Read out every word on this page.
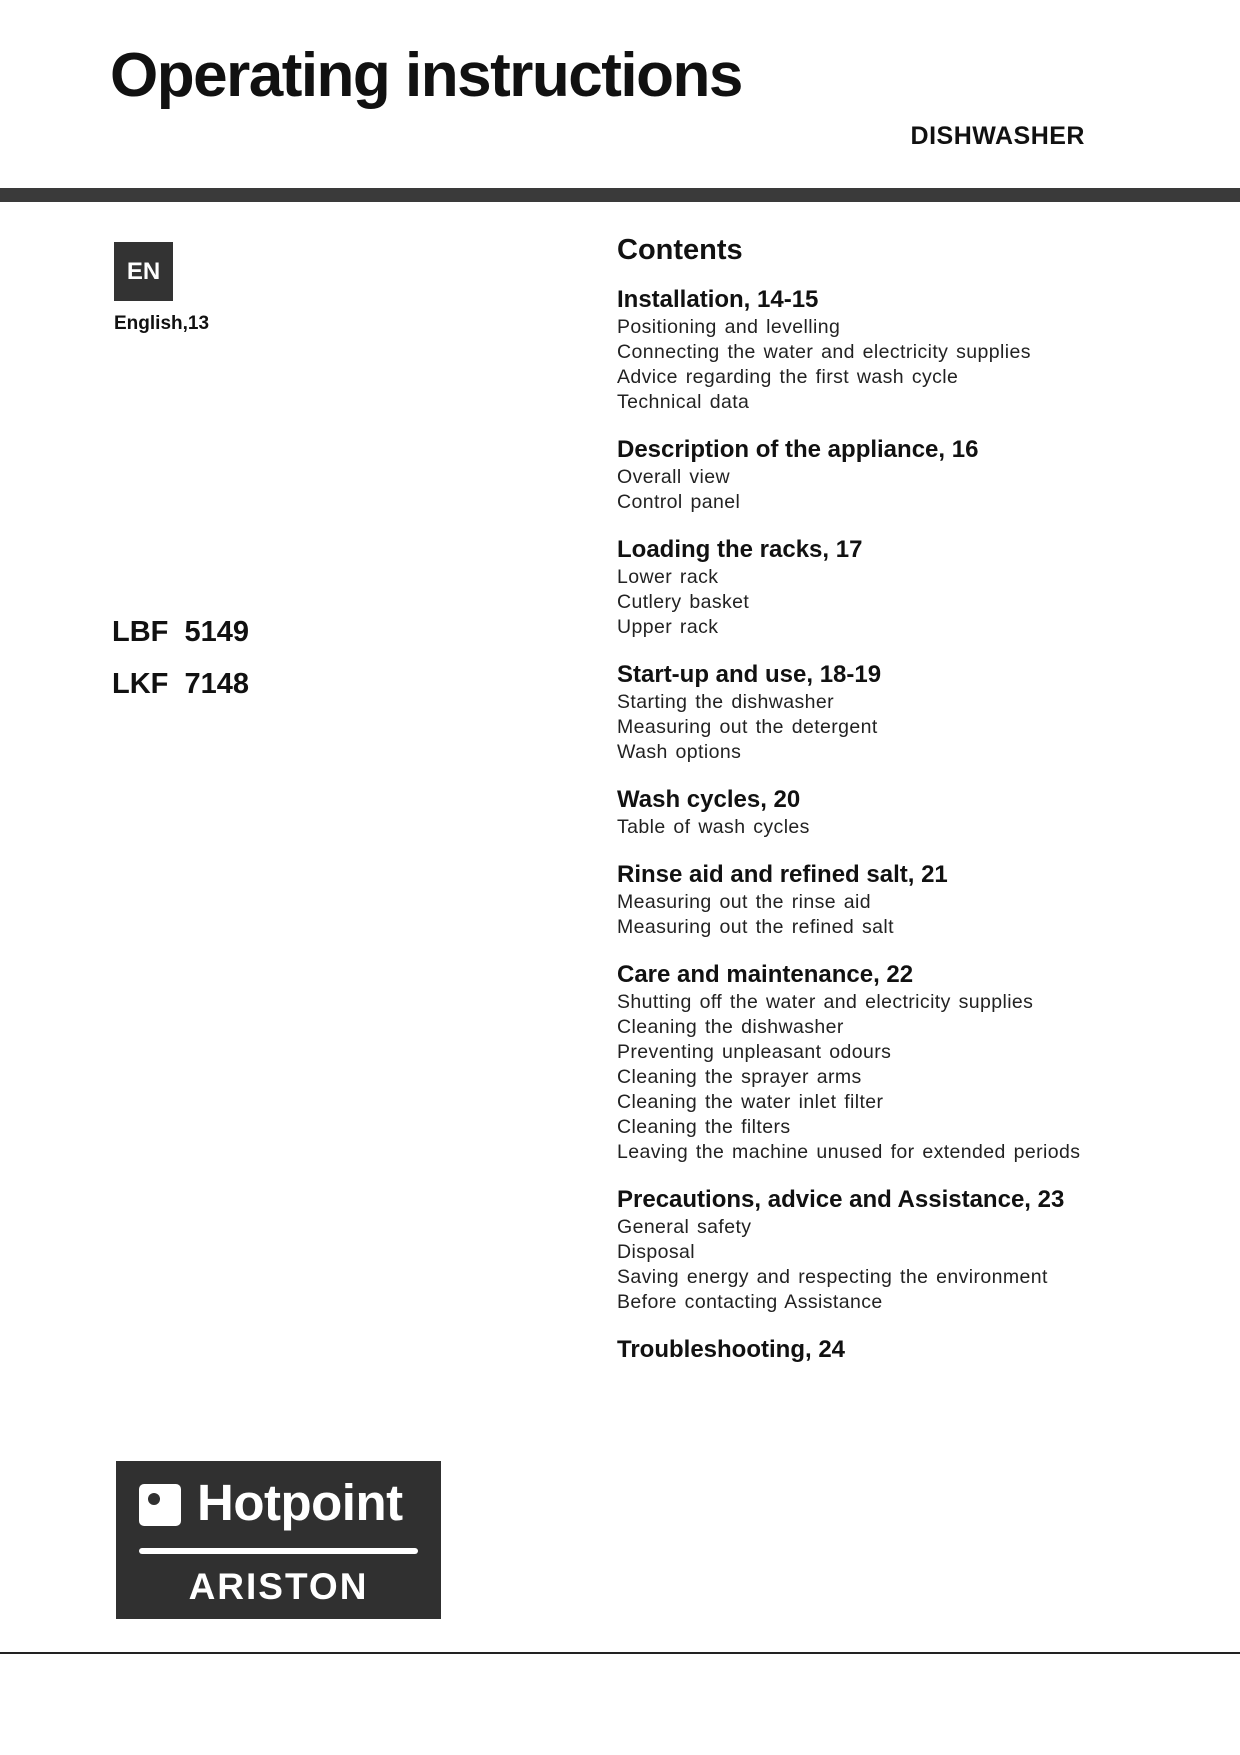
Operating instructions
DISHWASHER
EN
English,13
LBF  5149
LKF  7148
Contents
Installation, 14-15
Positioning and levelling
Connecting the water and electricity supplies
Advice regarding the first wash cycle
Technical data
Description of the appliance, 16
Overall view
Control panel
Loading the racks, 17
Lower rack
Cutlery basket
Upper rack
Start-up and use, 18-19
Starting the dishwasher
Measuring out the detergent
Wash options
Wash cycles, 20
Table of wash cycles
Rinse aid and refined salt, 21
Measuring out the rinse aid
Measuring out the refined salt
Care and maintenance, 22
Shutting off the water and electricity supplies
Cleaning the dishwasher
Preventing unpleasant odours
Cleaning the sprayer arms
Cleaning the water inlet filter
Cleaning the filters
Leaving the machine unused for extended periods
Precautions, advice and Assistance, 23
General safety
Disposal
Saving energy and respecting the environment
Before contacting Assistance
Troubleshooting, 24
Hotpoint
ARISTON
